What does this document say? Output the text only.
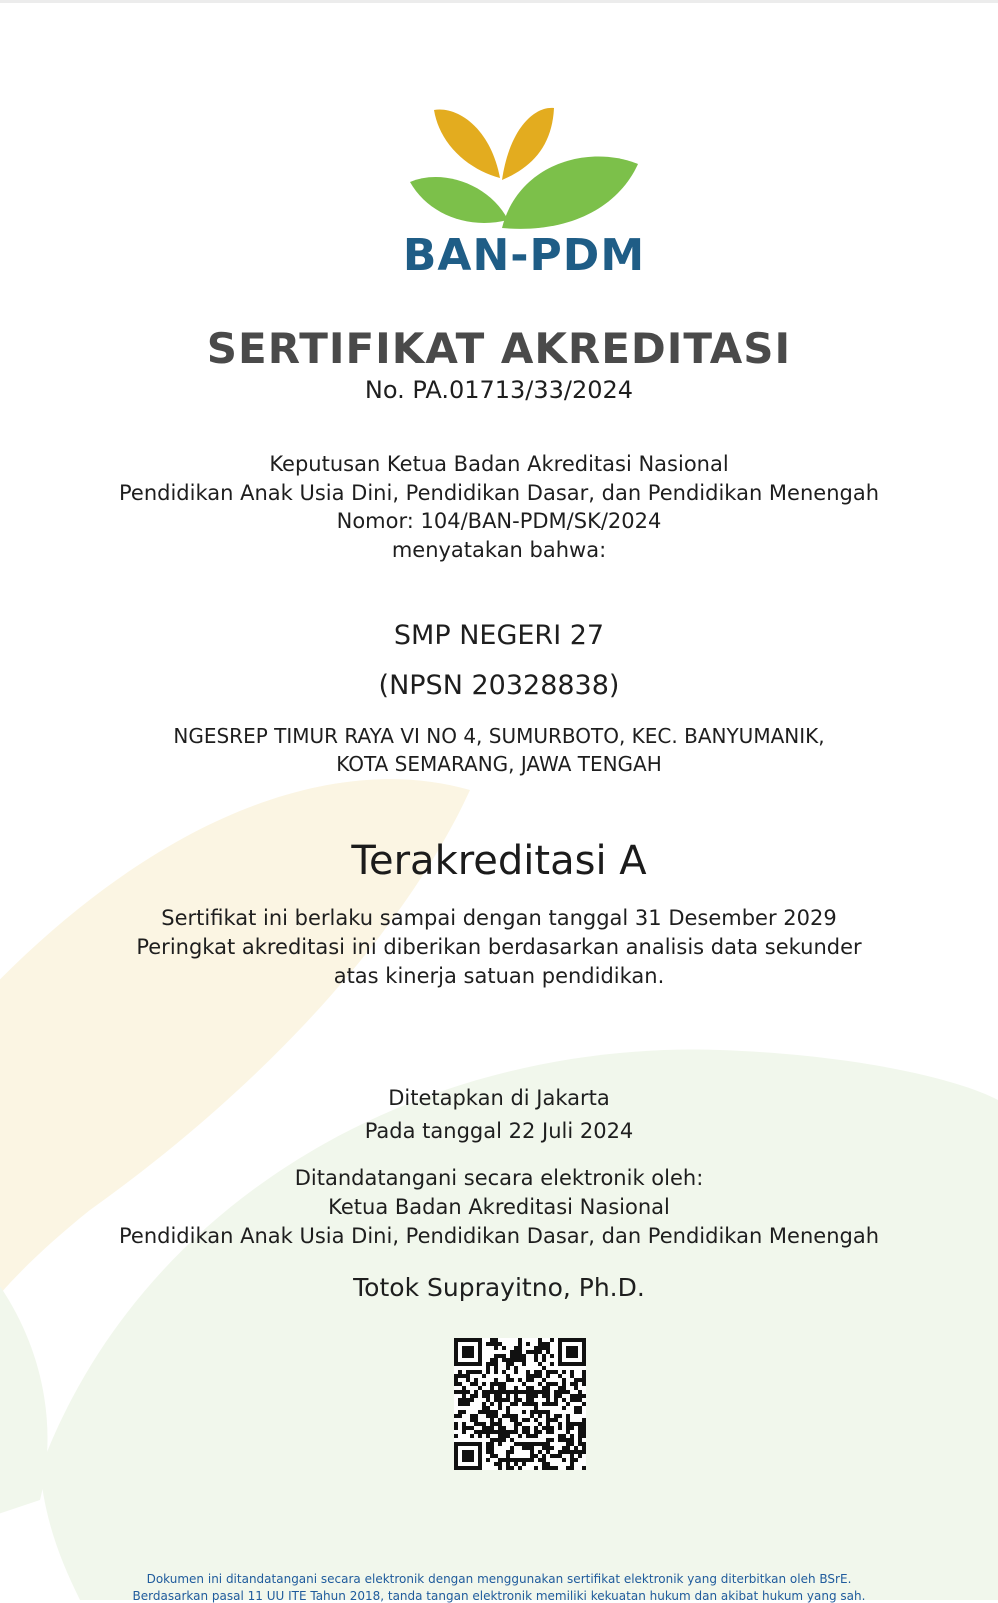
BAN-PDM
SERTIFIKAT AKREDITASI
No. PA.01713/33/2024
Keputusan Ketua Badan Akreditasi Nasional
Pendidikan Anak Usia Dini, Pendidikan Dasar, dan Pendidikan Menengah
Nomor: 104/BAN-PDM/SK/2024
menyatakan bahwa:
SMP NEGERI 27
(NPSN 20328838)
NGESREP TIMUR RAYA VI NO 4, SUMURBOTO, KEC. BANYUMANIK,
KOTA SEMARANG, JAWA TENGAH
Terakreditasi A
Sertifikat ini berlaku sampai dengan tanggal 31 Desember 2029
Peringkat akreditasi ini diberikan berdasarkan analisis data sekunder
atas kinerja satuan pendidikan.
Ditetapkan di Jakarta
Pada tanggal 22 Juli 2024
Ditandatangani secara elektronik oleh:
Ketua Badan Akreditasi Nasional
Pendidikan Anak Usia Dini, Pendidikan Dasar, dan Pendidikan Menengah
Totok Suprayitno, Ph.D.
Dokumen ini ditandatangani secara elektronik dengan menggunakan sertifikat elektronik yang diterbitkan oleh BSrE.
Berdasarkan pasal 11 UU ITE Tahun 2018, tanda tangan elektronik memiliki kekuatan hukum dan akibat hukum yang sah.
